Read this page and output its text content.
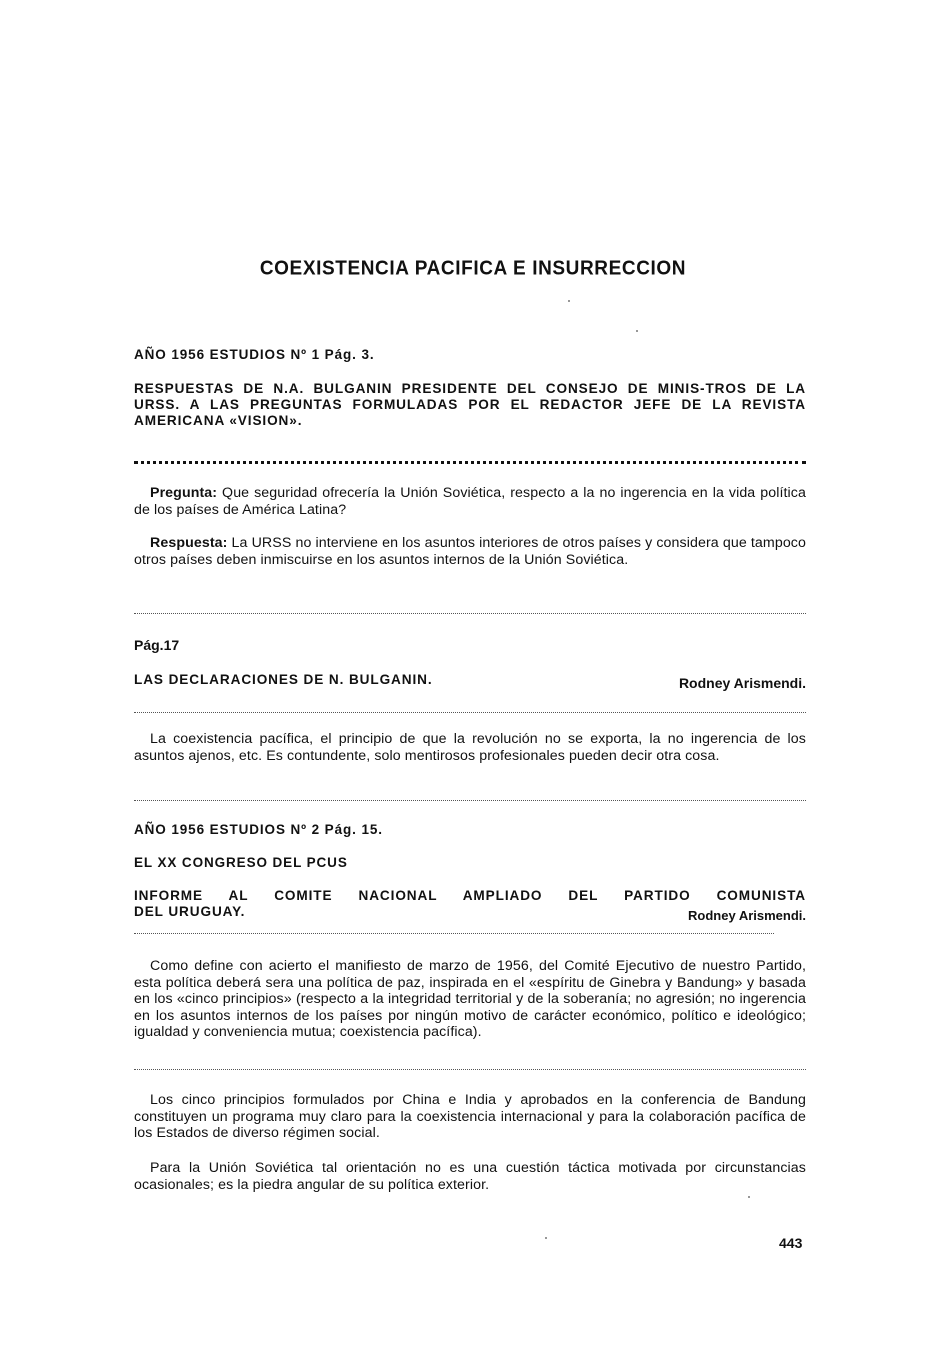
COEXISTENCIA PACIFICA E INSURRECCION
AÑO 1956 ESTUDIOS Nº 1 Pág. 3.
RESPUESTAS DE N.A. BULGANIN PRESIDENTE DEL CONSEJO DE MINIS-TROS DE LA URSS. A LAS PREGUNTAS FORMULADAS POR EL REDACTOR JEFE DE LA REVISTA AMERICANA «VISION».
Pregunta: Que seguridad ofrecería la Unión Soviética, respecto a la no ingerencia en la vida política de los países de América Latina?
Respuesta: La URSS no interviene en los asuntos interiores de otros países y considera que tampoco otros países deben inmiscuirse en los asuntos internos de la Unión Soviética.
Pág.17
LAS DECLARACIONES DE N. BULGANIN.	Rodney Arismendi.
La coexistencia pacífica, el principio de que la revolución no se exporta, la no ingerencia de los asuntos ajenos, etc. Es contundente, solo mentirosos profesionales pueden decir otra cosa.
AÑO 1956 ESTUDIOS Nº 2 Pág. 15.
EL XX CONGRESO DEL PCUS
INFORME AL COMITE NACIONAL AMPLIADO DEL PARTIDO COMUNISTA
DEL URUGUAY.	Rodney Arismendi.
Como define con acierto el manifiesto de marzo de 1956, del Comité Ejecutivo de nuestro Partido, esta política deberá sera una política de paz, inspirada en el «espíritu de Ginebra y Bandung» y basada en los «cinco principios» (respecto a la integridad territorial y de la soberanía; no agresión; no ingerencia en los asuntos internos de los países por ningún motivo de carácter económico, político e ideológico; igualdad y conveniencia mutua; coexistencia pacífica).
Los cinco principios formulados por China e India y aprobados en la conferencia de Bandung constituyen un programa muy claro para la coexistencia internacional y para la colaboración pacífica de los Estados de diverso régimen social.
Para la Unión Soviética tal orientación no es una cuestión táctica motivada por circunstancias ocasionales; es la piedra angular de su política exterior.
443
